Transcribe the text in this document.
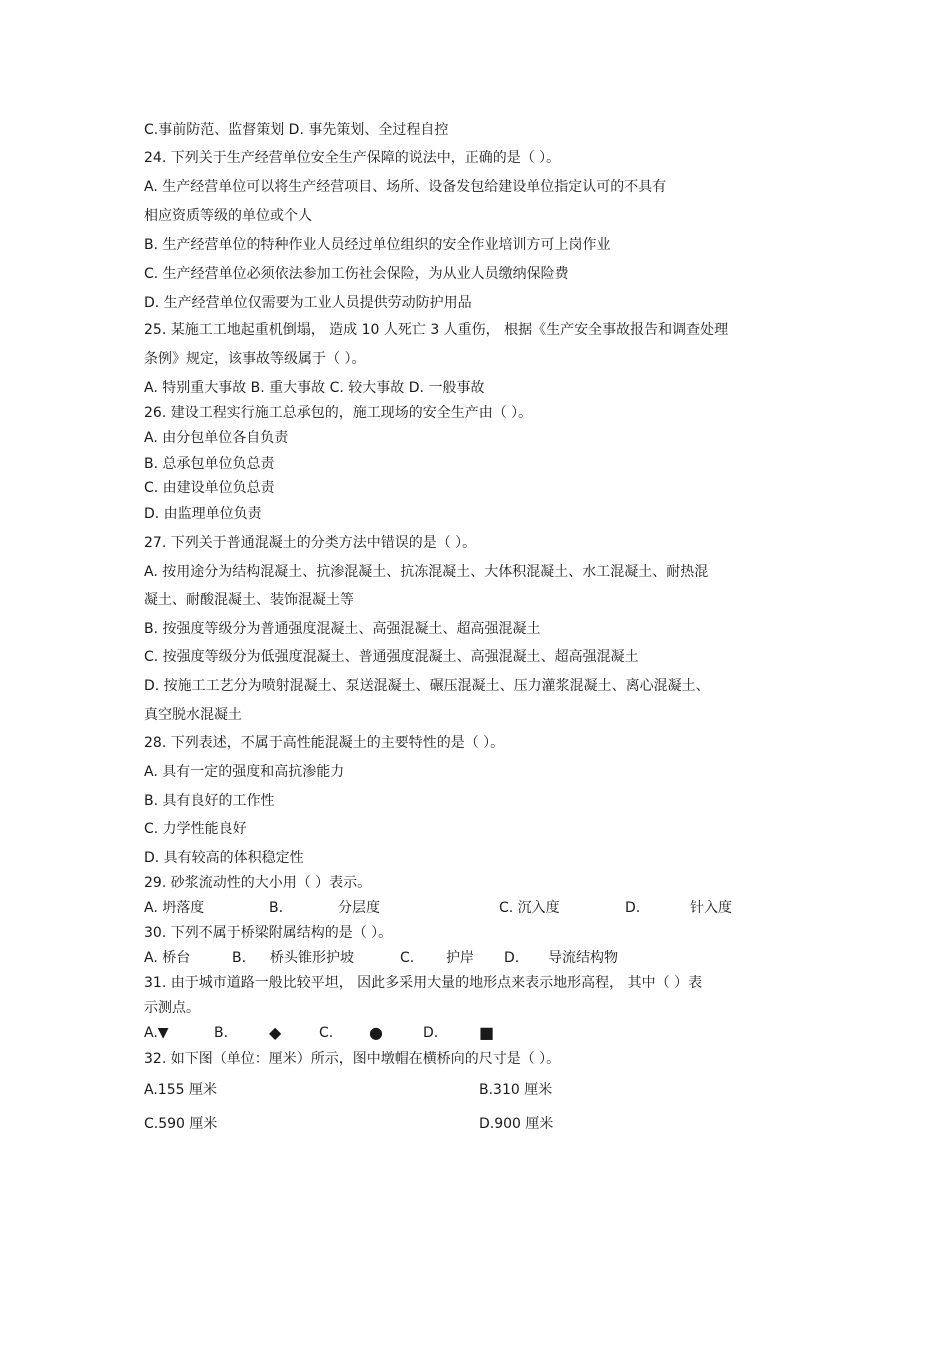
C.事前防范、监督策划 D. 事先策划、全过程自控
24. 下列关于生产经营单位安全生产保障的说法中，正确的是（ ）。
A. 生产经营单位可以将生产经营项目、场所、设备发包给建设单位指定认可的不具有
相应资质等级的单位或个人
B. 生产经营单位的特种作业人员经过单位组织的安全作业培训方可上岗作业
C. 生产经营单位必须依法参加工伤社会保险，为从业人员缴纳保险费
D. 生产经营单位仅需要为工业人员提供劳动防护用品
25. 某施工工地起重机倒塌， 造成 10 人死亡 3 人重伤， 根据《生产安全事故报告和调查处理
条例》规定，该事故等级属于（ ）。
A. 特别重大事故 B. 重大事故 C. 较大事故 D. 一般事故
26. 建设工程实行施工总承包的，施工现场的安全生产由（ ）。
A. 由分包单位各自负责
B. 总承包单位负总责
C. 由建设单位负总责
D. 由监理单位负责
27. 下列关于普通混凝土的分类方法中错误的是（ ）。
A. 按用途分为结构混凝土、抗渗混凝土、抗冻混凝土、大体积混凝土、水工混凝土、耐热混
凝土、耐酸混凝土、装饰混凝土等
B. 按强度等级分为普通强度混凝土、高强混凝土、超高强混凝土
C. 按强度等级分为低强度混凝土、普通强度混凝土、高强混凝土、超高强混凝土
D. 按施工工艺分为喷射混凝土、泵送混凝土、碾压混凝土、压力灌浆混凝土、离心混凝土、
真空脱水混凝土
28. 下列表述，不属于高性能混凝土的主要特性的是（ ）。
A. 具有一定的强度和高抗渗能力
B. 具有良好的工作性
C. 力学性能良好
D. 具有较高的体积稳定性
29. 砂浆流动性的大小用（ ）表示。
A. 坍落度	B.	分层度	C. 沉入度	D.	针入度
30. 下列不属于桥梁附属结构的是（ ）。
A. 桥台	B. 桥头锥形护坡	C. 护岸 D. 导流结构物
31. 由于城市道路一般比较平坦， 因此多采用大量的地形点来表示地形高程， 其中（ ）表
示测点。
A.▼	B.	◆	C. ●	D.	■
32. 如下图（单位：厘米）所示，图中墩帽在横桥向的尺寸是（ ）。
A.155 厘米	B.310 厘米
C.590 厘米	D.900 厘米
